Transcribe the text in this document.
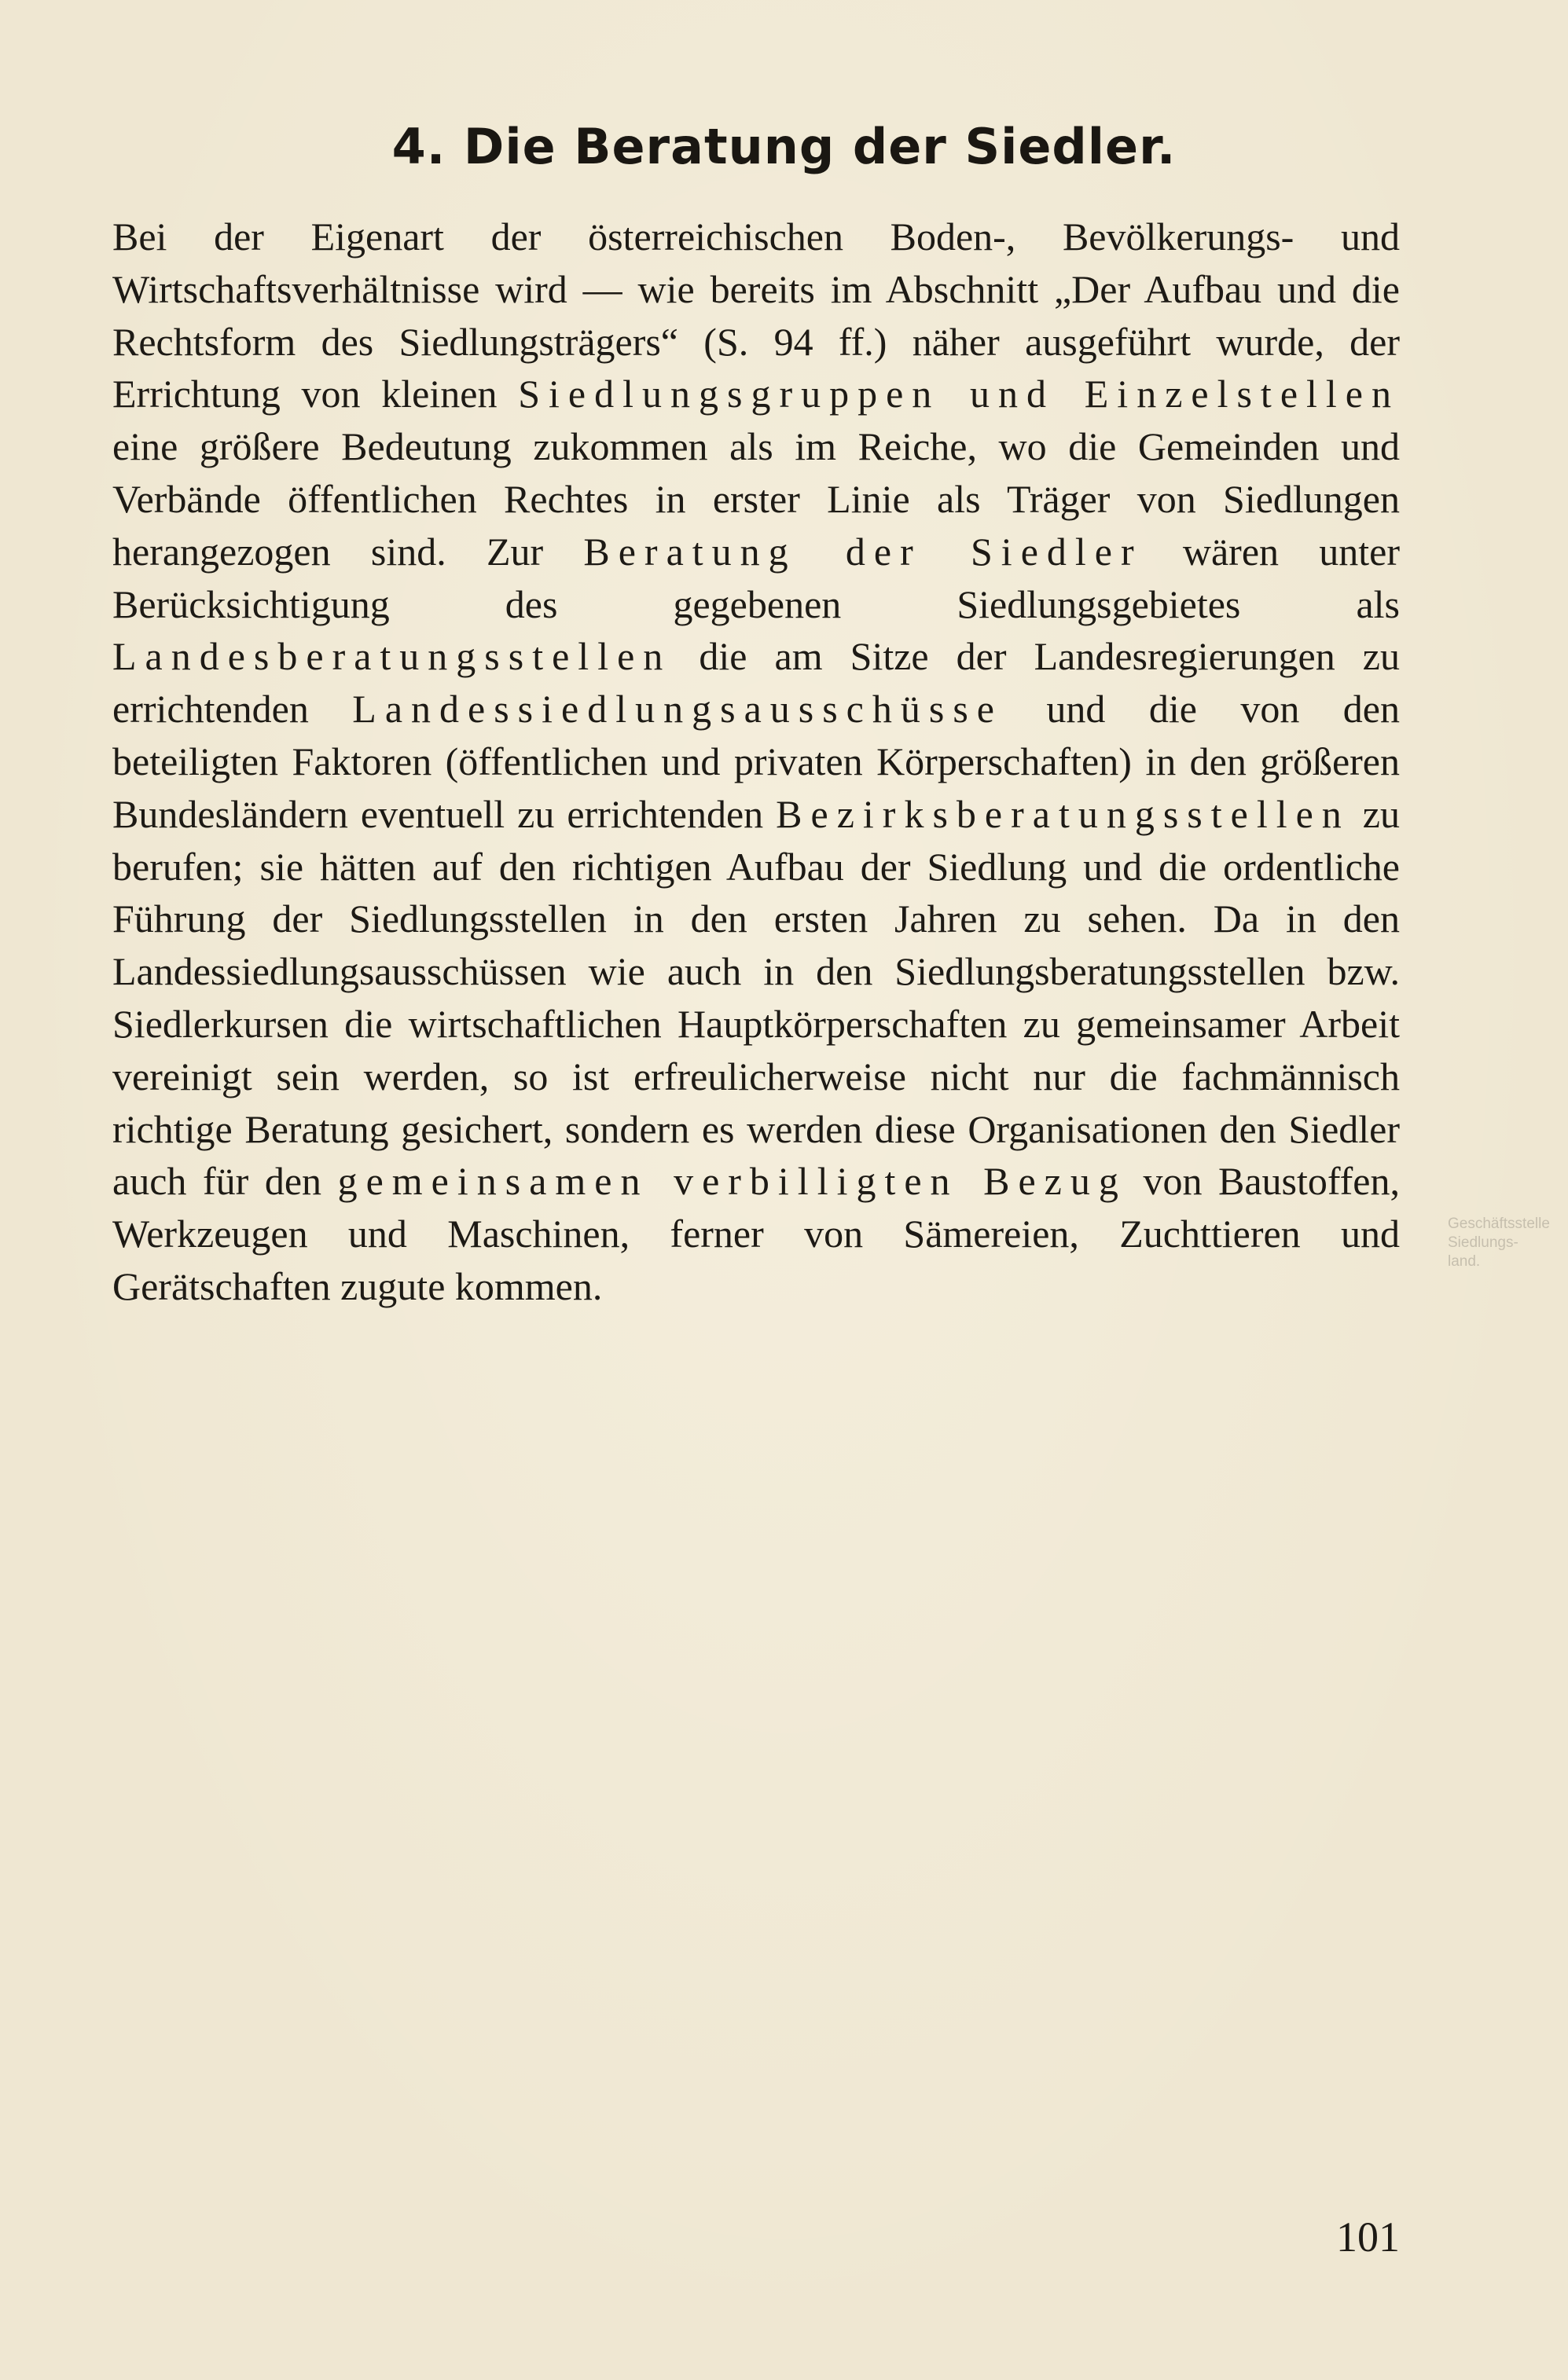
4. Die Beratung der Siedler.

Bei der Eigenart der österreichischen Boden-, Bevölkerungs- und Wirtschaftsverhältnisse wird — wie bereits im Abschnitt „Der Aufbau und die Rechtsform des Siedlungsträgers“ (S. 94 ff.) näher ausgeführt wurde, der Errichtung von kleinen Siedlungsgruppen und Einzelstellen eine größere Bedeutung zukommen als im Reiche, wo die Gemeinden und Verbände öffentlichen Rechtes in erster Linie als Träger von Siedlungen herangezogen sind. Zur Beratung der Siedler wären unter Berücksichtigung des gegebenen Siedlungsgebietes als Landesberatungsstellen die am Sitze der Landesregierungen zu errichtenden Landessiedlungsausschüsse und die von den beteiligten Faktoren (öffentlichen und privaten Körperschaften) in den größeren Bundesländern eventuell zu errichtenden Bezirksberatungsstellen zu berufen; sie hätten auf den richtigen Aufbau der Siedlung und die ordentliche Führung der Siedlungsstellen in den ersten Jahren zu sehen. Da in den Landessiedlungsausschüssen wie auch in den Siedlungsberatungsstellen bzw. Siedlerkursen die wirtschaftlichen Hauptkörperschaften zu gemeinsamer Arbeit vereinigt sein werden, so ist erfreulicherweise nicht nur die fachmännisch richtige Beratung gesichert, sondern es werden diese Organisationen den Siedler auch für den gemeinsamen verbilligten Bezug von Baustoffen, Werkzeugen und Maschinen, ferner von Sämereien, Zuchttieren und Gerätschaften zugute kommen.

Geschäftsstelle Siedlungs-
land.
101
